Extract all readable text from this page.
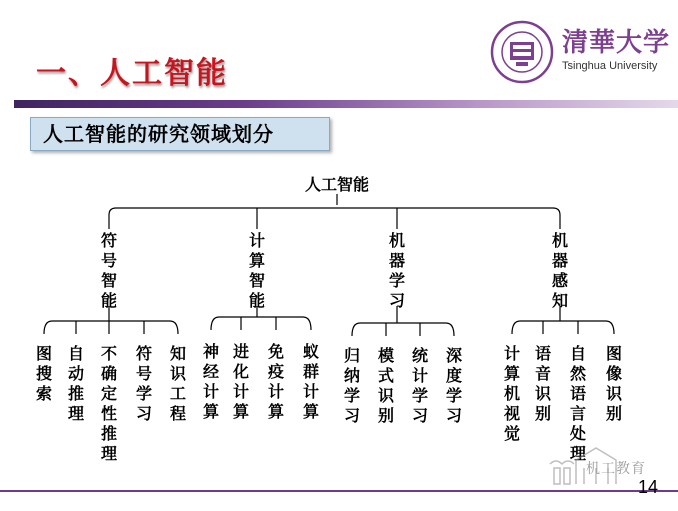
一、人工智能
清華大学
Tsinghua University
人工智能的研究领域划分
人工智能
符号智能
计算智能
机器学习
机器感知
图搜索
自动推理
不确定性推理
符号学习
知识工程
神经计算
进化计算
免疫计算
蚁群计算
归纳学习
模式识别
统计学习
深度学习
计算机视觉
语音识别
自然语言处理
图像识别
机工教育
14
